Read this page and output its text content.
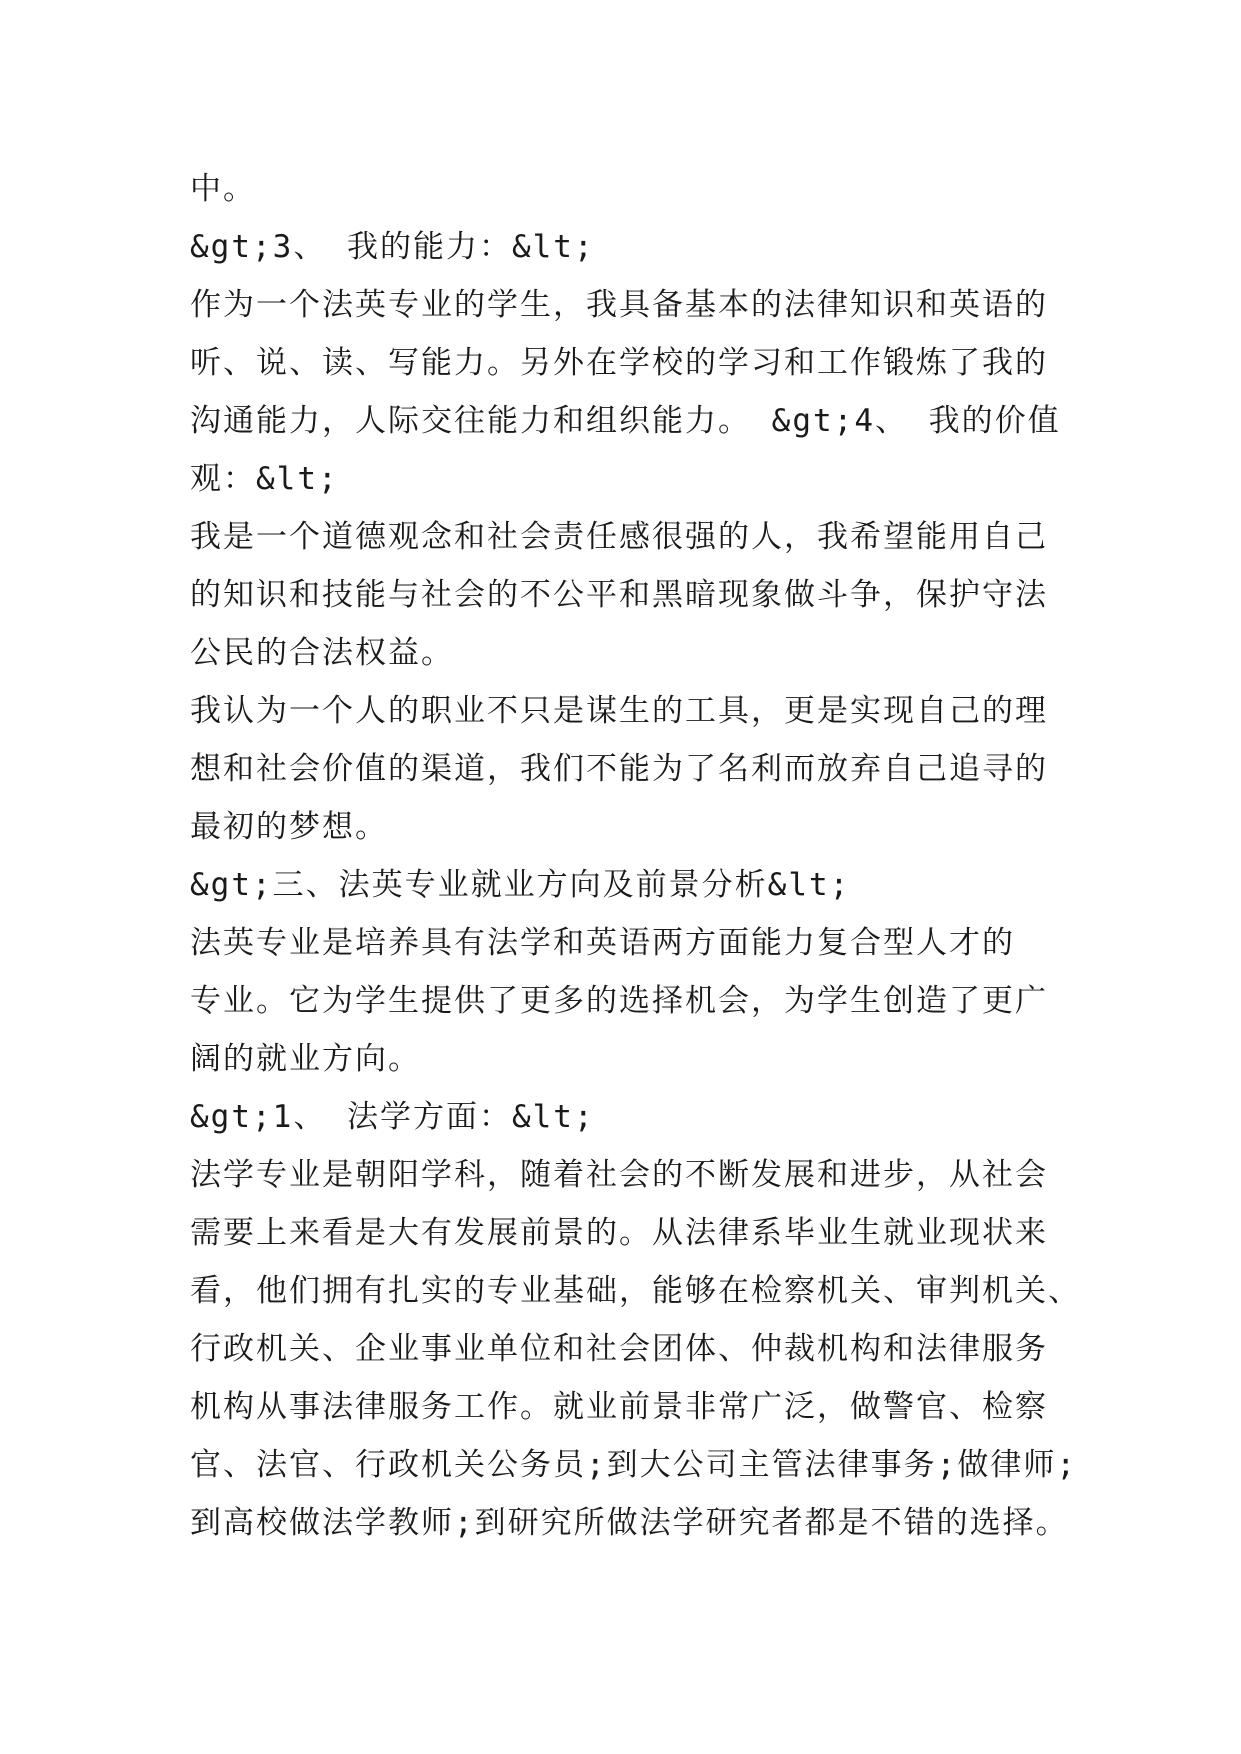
中。
&gt;3、 我的能力：&lt;
作为一个法英专业的学生，我具备基本的法律知识和英语的
听、说、读、写能力。另外在学校的学习和工作锻炼了我的
沟通能力，人际交往能力和组织能力。 &gt;4、 我的价值
观：&lt;
我是一个道德观念和社会责任感很强的人，我希望能用自己
的知识和技能与社会的不公平和黑暗现象做斗争，保护守法
公民的合法权益。
我认为一个人的职业不只是谋生的工具，更是实现自己的理
想和社会价值的渠道，我们不能为了名利而放弃自己追寻的
最初的梦想。
&gt;三、法英专业就业方向及前景分析&lt;
法英专业是培养具有法学和英语两方面能力复合型人才的
专业。它为学生提供了更多的选择机会，为学生创造了更广
阔的就业方向。
&gt;1、 法学方面：&lt;
法学专业是朝阳学科，随着社会的不断发展和进步，从社会
需要上来看是大有发展前景的。从法律系毕业生就业现状来
看，他们拥有扎实的专业基础，能够在检察机关、审判机关、
行政机关、企业事业单位和社会团体、仲裁机构和法律服务
机构从事法律服务工作。就业前景非常广泛，做警官、检察
官、法官、行政机关公务员;到大公司主管法律事务;做律师;
到高校做法学教师;到研究所做法学研究者都是不错的选择。
